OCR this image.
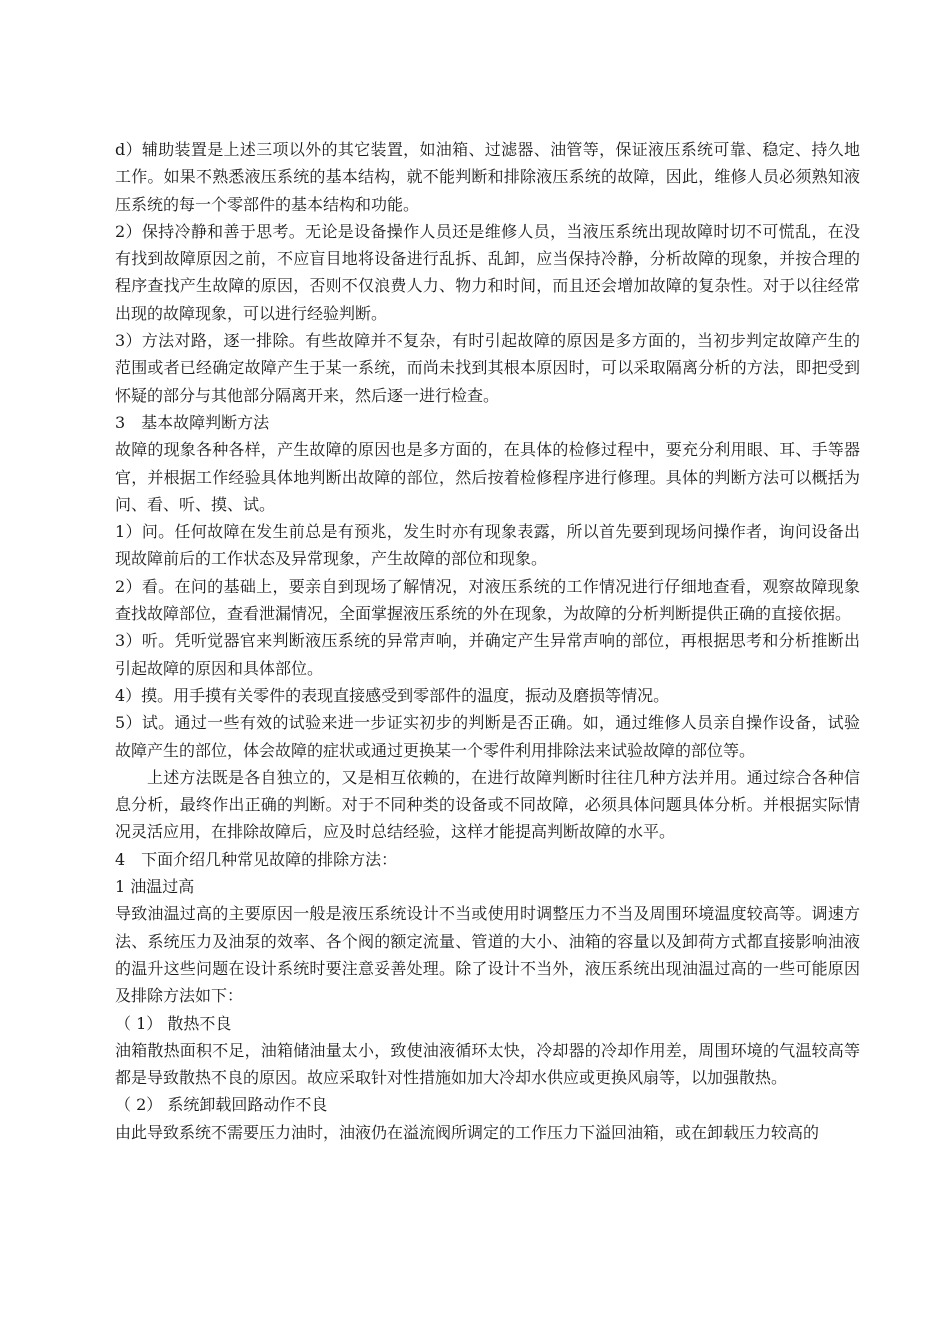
d）辅助装置是上述三项以外的其它装置，如油箱、过滤器、油管等，保证液压系统可靠、稳定、持久地工作。如果不熟悉液压系统的基本结构，就不能判断和排除液压系统的故障，因此，维修人员必须熟知液压系统的每一个零部件的基本结构和功能。

2）保持冷静和善于思考。无论是设备操作人员还是维修人员，当液压系统出现故障时切不可慌乱，在没有找到故障原因之前，不应盲目地将设备进行乱拆、乱卸，应当保持冷静，分析故障的现象，并按合理的程序查找产生故障的原因，否则不仅浪费人力、物力和时间，而且还会增加故障的复杂性。对于以往经常出现的故障现象，可以进行经验判断。

3）方法对路，逐一排除。有些故障并不复杂，有时引起故障的原因是多方面的，当初步判定故障产生的范围或者已经确定故障产生于某一系统，而尚未找到其根本原因时，可以采取隔离分析的方法，即把受到怀疑的部分与其他部分隔离开来，然后逐一进行检查。

3　基本故障判断方法

故障的现象各种各样，产生故障的原因也是多方面的，在具体的检修过程中，要充分利用眼、耳、手等器官，并根据工作经验具体地判断出故障的部位，然后按着检修程序进行修理。具体的判断方法可以概括为问、看、听、摸、试。

1）问。任何故障在发生前总是有预兆，发生时亦有现象表露，所以首先要到现场问操作者，询问设备出现故障前后的工作状态及异常现象，产生故障的部位和现象。

2）看。在问的基础上，要亲自到现场了解情况，对液压系统的工作情况进行仔细地查看，观察故障现象查找故障部位，查看泄漏情况，全面掌握液压系统的外在现象，为故障的分析判断提供正确的直接依据。

3）听。凭听觉器官来判断液压系统的异常声响，并确定产生异常声响的部位，再根据思考和分析推断出引起故障的原因和具体部位。

4）摸。用手摸有关零件的表现直接感受到零部件的温度，振动及磨损等情况。

5）试。通过一些有效的试验来进一步证实初步的判断是否正确。如，通过维修人员亲自操作设备，试验故障产生的部位，体会故障的症状或通过更换某一个零件利用排除法来试验故障的部位等。

上述方法既是各自独立的，又是相互依赖的，在进行故障判断时往往几种方法并用。通过综合各种信息分析，最终作出正确的判断。对于不同种类的设备或不同故障，必须具体问题具体分析。并根据实际情况灵活应用，在排除故障后，应及时总结经验，这样才能提高判断故障的水平。

4　下面介绍几种常见故障的排除方法：

1 油温过高

导致油温过高的主要原因一般是液压系统设计不当或使用时调整压力不当及周围环境温度较高等。调速方法、系统压力及油泵的效率、各个阀的额定流量、管道的大小、油箱的容量以及卸荷方式都直接影响油液的温升这些问题在设计系统时要注意妥善处理。除了设计不当外，液压系统出现油温过高的一些可能原因及排除方法如下：

（ 1） 散热不良

油箱散热面积不足，油箱储油量太小，致使油液循环太快，冷却器的冷却作用差，周围环境的气温较高等都是导致散热不良的原因。故应采取针对性措施如加大冷却水供应或更换风扇等，以加强散热。

（ 2） 系统卸载回路动作不良

由此导致系统不需要压力油时，油液仍在溢流阀所调定的工作压力下溢回油箱，或在卸载压力较高的
